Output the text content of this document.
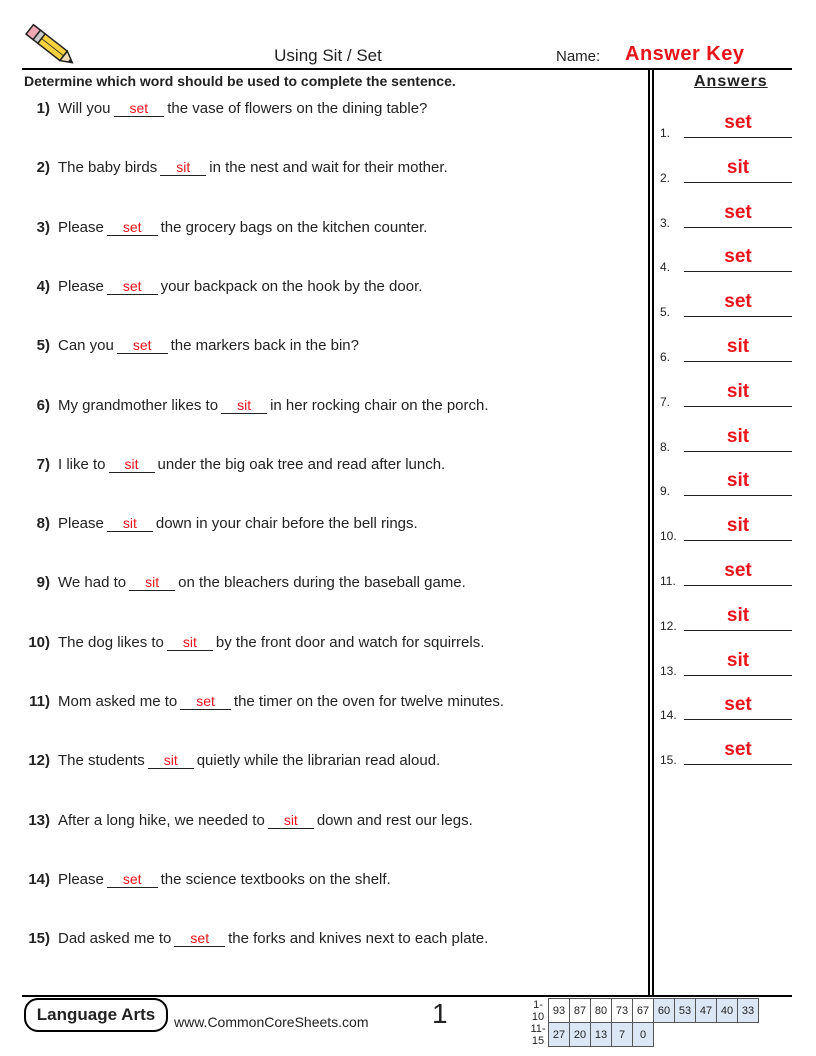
Using Sit / Set	Name: Answer Key
Determine which word should be used to complete the sentence.	Answers
1) Will you set the vase of flowers on the dining table?
2) The baby birds sit in the nest and wait for their mother.
3) Please set the grocery bags on the kitchen counter.
4) Please set your backpack on the hook by the door.
5) Can you set the markers back in the bin?
6) My grandmother likes to sit in her rocking chair on the porch.
7) I like to sit under the big oak tree and read after lunch.
8) Please sit down in your chair before the bell rings.
9) We had to sit on the bleachers during the baseball game.
10) The dog likes to sit by the front door and watch for squirrels.
11) Mom asked me to set the timer on the oven for twelve minutes.
12) The students sit quietly while the librarian read aloud.
13) After a long hike, we needed to sit down and rest our legs.
14) Please set the science textbooks on the shelf.
15) Dad asked me to set the forks and knives next to each plate.
1.	set
2.	sit
3.	set
4.	set
5.	set
6.	sit
7.	sit
8.	sit
9.	sit
10.	sit
11.	set
12.	sit
13.	sit
14.	set
15.	set
Language Arts	www.CommonCoreSheets.com 1	1-10	93	87	80	73	67	60	53	47	40	33
11-15	27	20	13	7	0					
